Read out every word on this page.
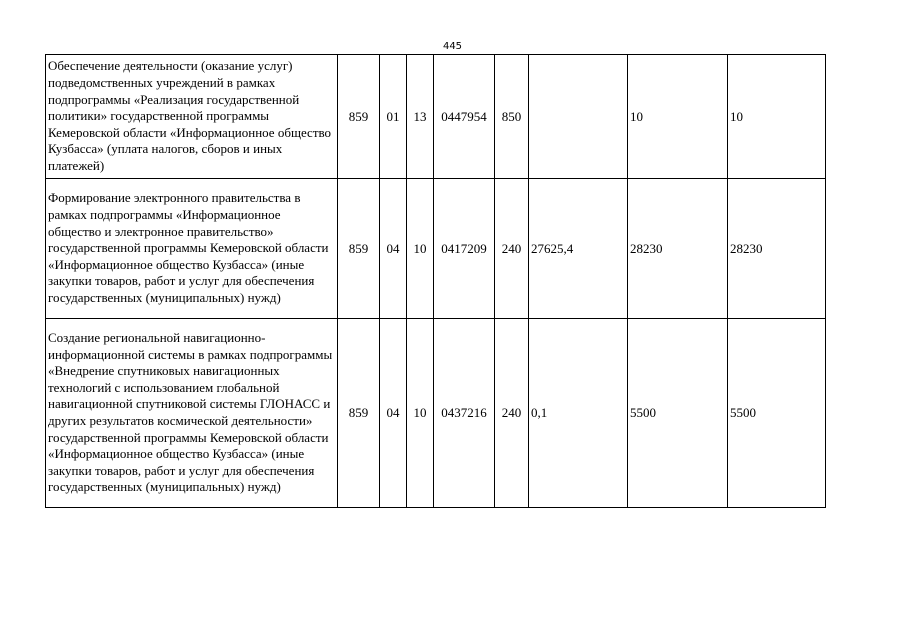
445
Обеспечение деятельности (оказание услуг) подведомственных учреждений в рамках подпрограммы «Реализация государственной политики» государственной программы Кемеровской области «Информационное общество Кузбасса» (уплата налогов, сборов и иных платежей)	859	01	13	0447954	850		10	10
Формирование электронного правительства в рамках подпрограммы «Информационное общество и электронное правительство» государственной программы Кемеровской области «Информационное общество Кузбасса» (иные закупки товаров, работ и услуг для обеспечения государственных (муниципальных) нужд)	859	04	10	0417209	240	27625,4	28230	28230
Создание региональной навигационно-информационной системы в рамках подпрограммы «Внедрение спутниковых навигационных технологий с использованием глобальной навигационной спутниковой системы ГЛОНАСС и других результатов космической деятельности» государственной программы Кемеровской области «Информационное общество Кузбасса» (иные закупки товаров, работ и услуг для обеспечения государственных (муниципальных) нужд)	859	04	10	0437216	240	0,1	5500	5500
